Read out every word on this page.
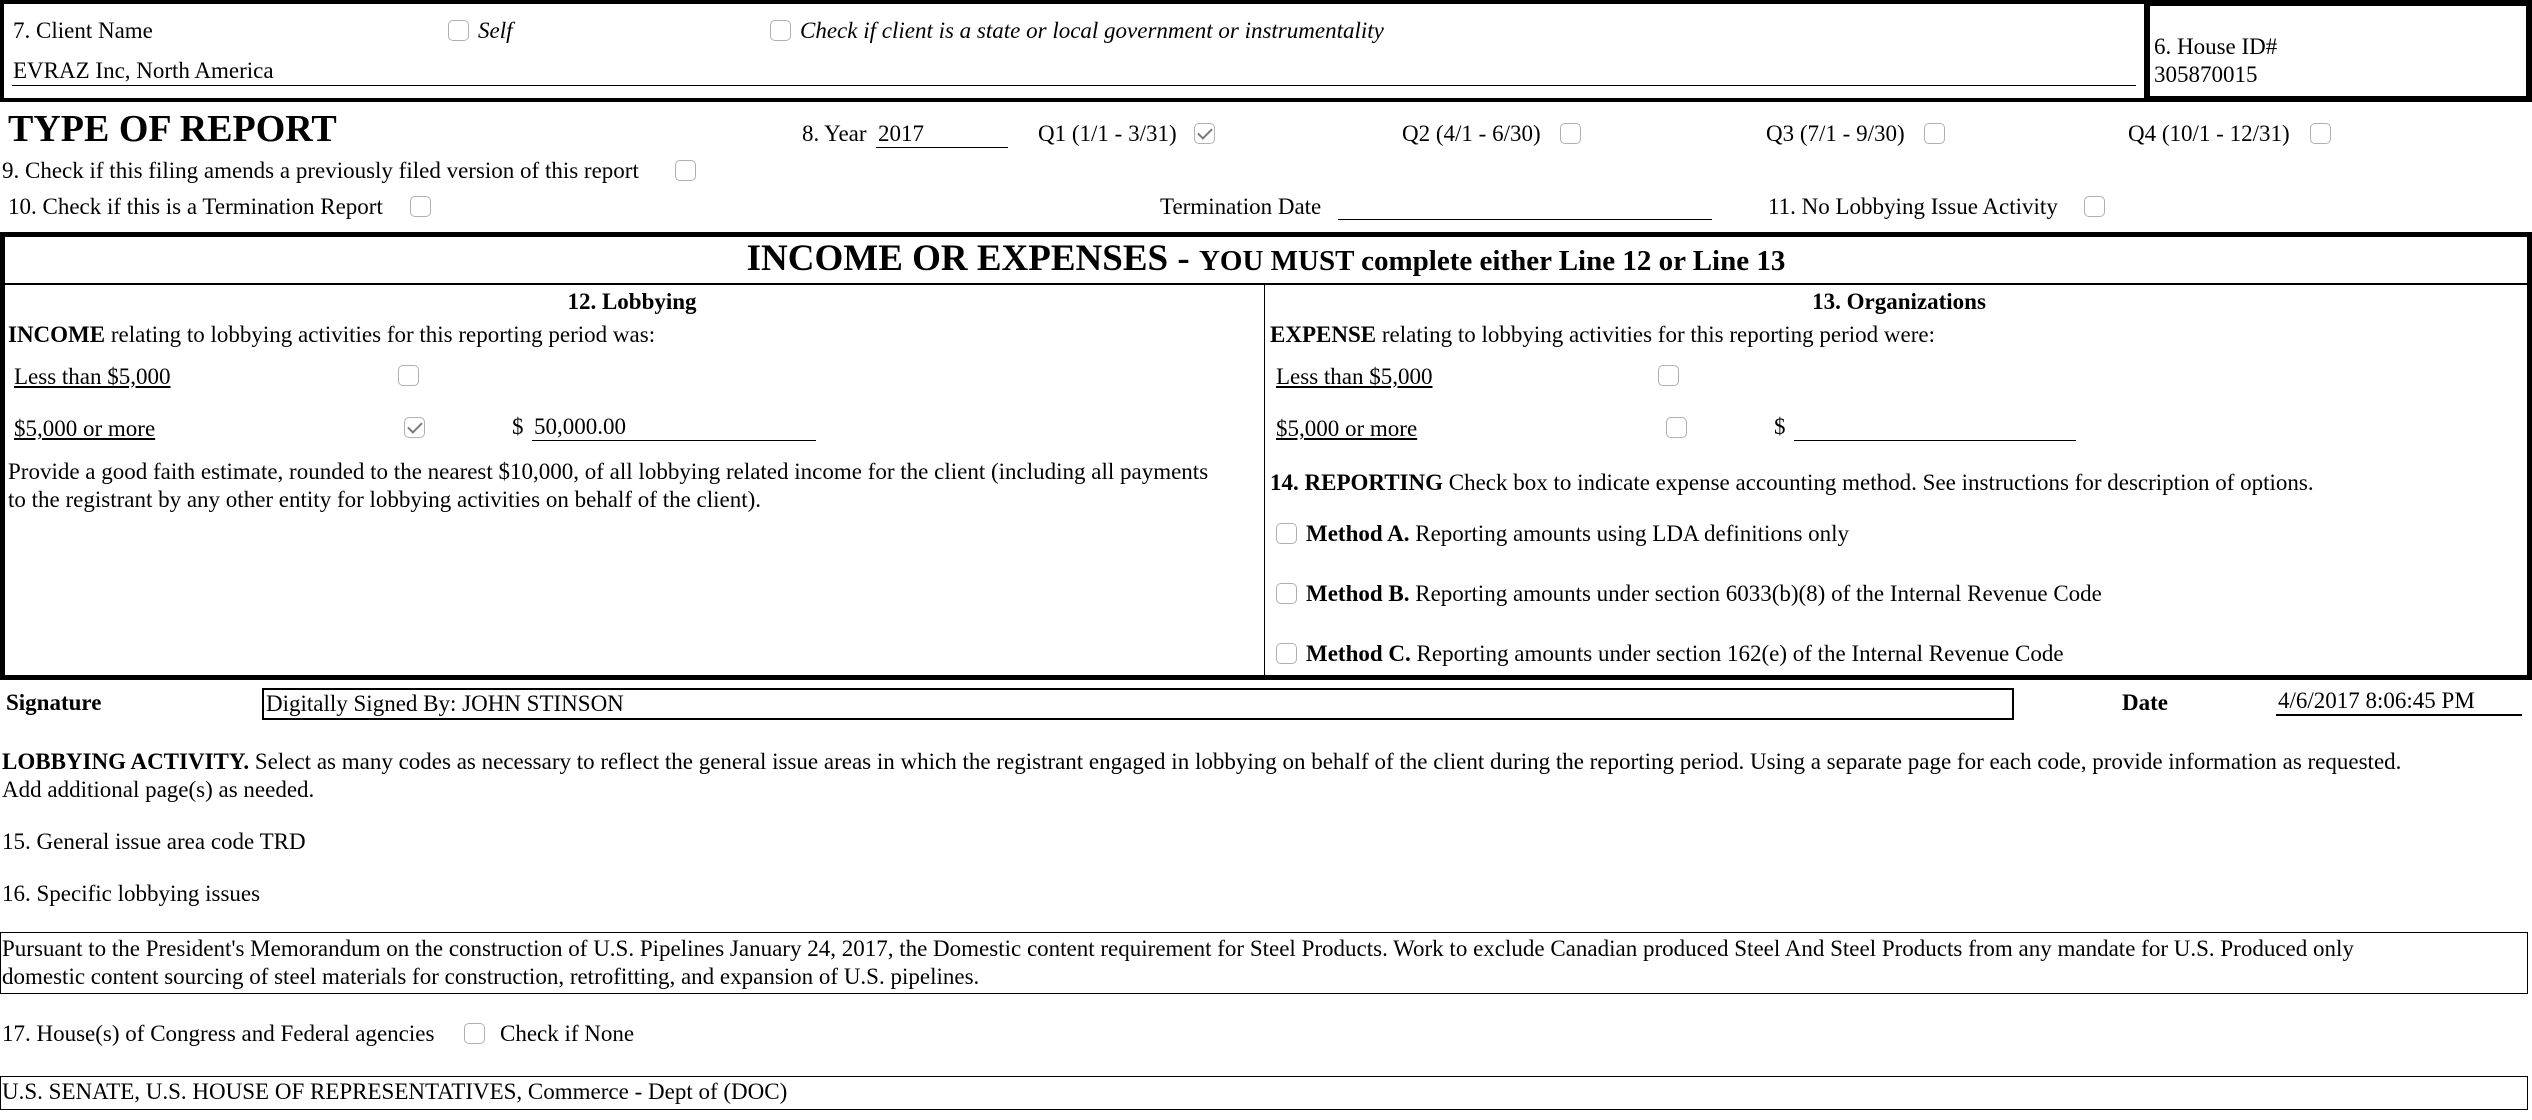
7. Client Name	Self	Check if client is a state or local government or instrumentality
EVRAZ Inc, North America
6. House ID#
305870015
TYPE OF REPORT	8. Year 2017	Q1 (1/1 - 3/31)	Q2 (4/1 - 6/30)	Q3 (7/1 - 9/30)	Q4 (10/1 - 12/31)
9. Check if this filing amends a previously filed version of this report
10. Check if this is a Termination Report	Termination Date	11. No Lobbying Issue Activity
INCOME OR EXPENSES - YOU MUST complete either Line 12 or Line 13
12. Lobbying
INCOME relating to lobbying activities for this reporting period was:
Less than $5,000
$5,000 or more	$ 50,000.00
Provide a good faith estimate, rounded to the nearest $10,000, of all lobbying related income for the client (including all payments
to the registrant by any other entity for lobbying activities on behalf of the client).
13. Organizations
EXPENSE relating to lobbying activities for this reporting period were:
Less than $5,000
$5,000 or more	$
14. REPORTING Check box to indicate expense accounting method. See instructions for description of options.
Method A. Reporting amounts using LDA definitions only
Method B. Reporting amounts under section 6033(b)(8) of the Internal Revenue Code
Method C. Reporting amounts under section 162(e) of the Internal Revenue Code
Signature	Digitally Signed By: JOHN STINSON	Date	4/6/2017 8:06:45 PM
LOBBYING ACTIVITY. Select as many codes as necessary to reflect the general issue areas in which the registrant engaged in lobbying on behalf of the client during the reporting period. Using a separate page for each code, provide information as requested.
Add additional page(s) as needed.
15. General issue area code TRD
16. Specific lobbying issues
Pursuant to the President's Memorandum on the construction of U.S. Pipelines January 24, 2017, the Domestic content requirement for Steel Products. Work to exclude Canadian produced Steel And Steel Products from any mandate for U.S. Produced only
domestic content sourcing of steel materials for construction, retrofitting, and expansion of U.S. pipelines.
17. House(s) of Congress and Federal agencies	Check if None
U.S. SENATE, U.S. HOUSE OF REPRESENTATIVES, Commerce - Dept of (DOC)
